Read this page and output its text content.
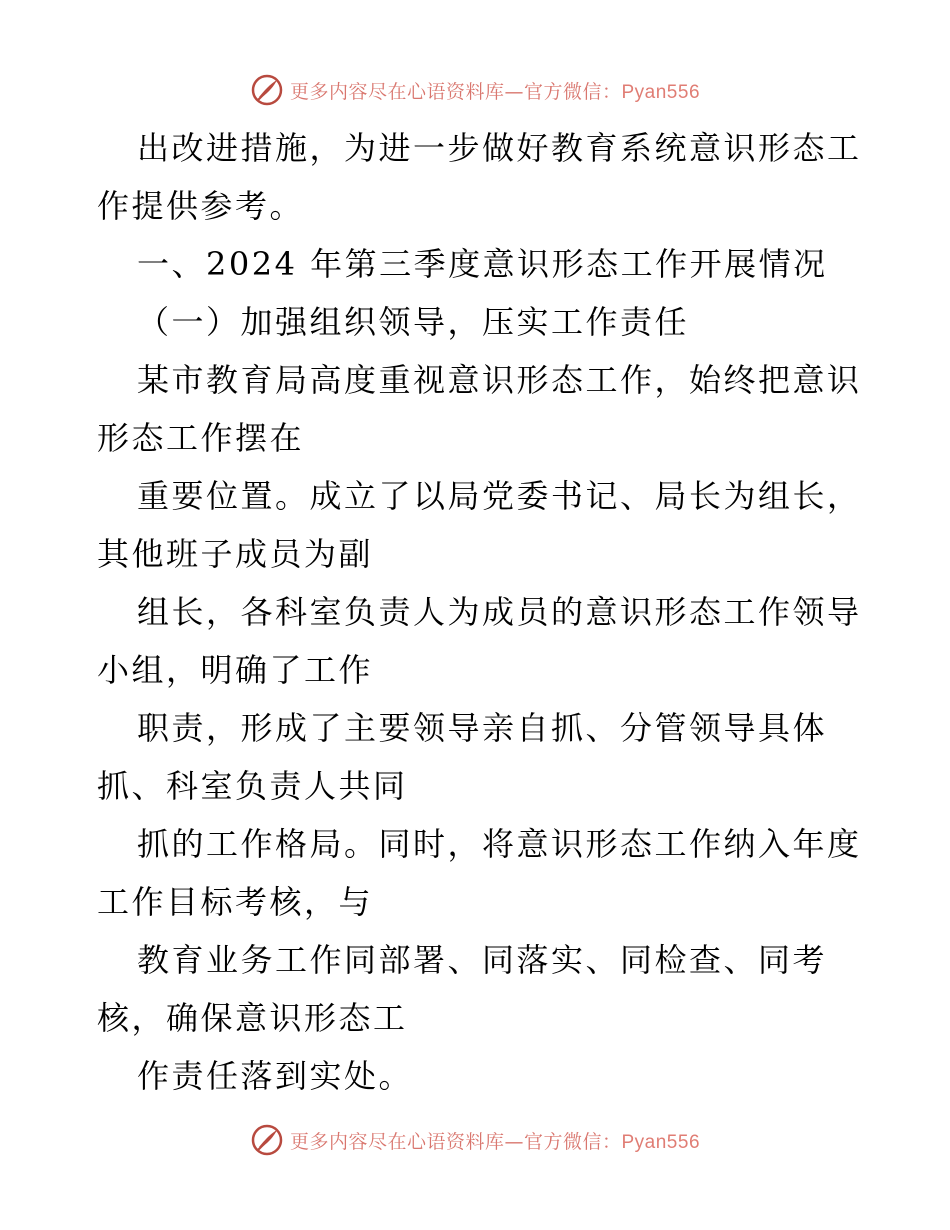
更多内容尽在心语资料库—官方微信：Pyan556
出改进措施，为进一步做好教育系统意识形态工
作提供参考。
一、2024 年第三季度意识形态工作开展情况
（一）加强组织领导，压实工作责任
某市教育局高度重视意识形态工作，始终把意识
形态工作摆在
重要位置。成立了以局党委书记、局长为组长，
其他班子成员为副
组长，各科室负责人为成员的意识形态工作领导
小组，明确了工作
职责，形成了主要领导亲自抓、分管领导具体
抓、科室负责人共同
抓的工作格局。同时，将意识形态工作纳入年度
工作目标考核，与
教育业务工作同部署、同落实、同检查、同考
核，确保意识形态工
作责任落到实处。
更多内容尽在心语资料库—官方微信：Pyan556
